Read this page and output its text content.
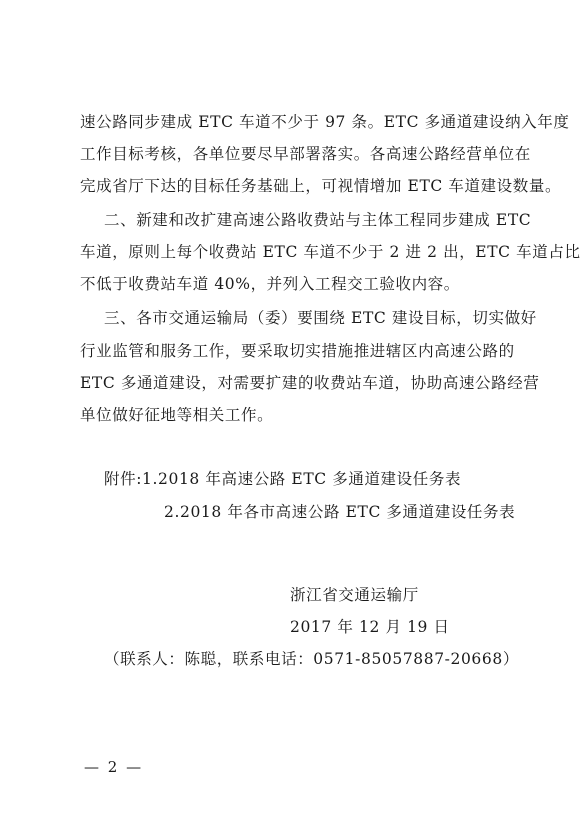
速公路同步建成 ETC 车道不少于 97 条。ETC 多通道建设纳入年度
工作目标考核，各单位要尽早部署落实。各高速公路经营单位在
完成省厅下达的目标任务基础上，可视情增加 ETC 车道建设数量。
二、新建和改扩建高速公路收费站与主体工程同步建成 ETC
车道，原则上每个收费站 ETC 车道不少于 2 进 2 出，ETC 车道占比
不低于收费站车道 40%，并列入工程交工验收内容。
三、各市交通运输局（委）要围绕 ETC 建设目标，切实做好
行业监管和服务工作，要采取切实措施推进辖区内高速公路的
ETC 多通道建设，对需要扩建的收费站车道，协助高速公路经营
单位做好征地等相关工作。
附件:1.2018 年高速公路 ETC 多通道建设任务表
2.2018 年各市高速公路 ETC 多通道建设任务表
浙江省交通运输厅
2017 年 12 月 19 日
（联系人：陈聪，联系电话：0571-85057887-20668）
— 2 —
